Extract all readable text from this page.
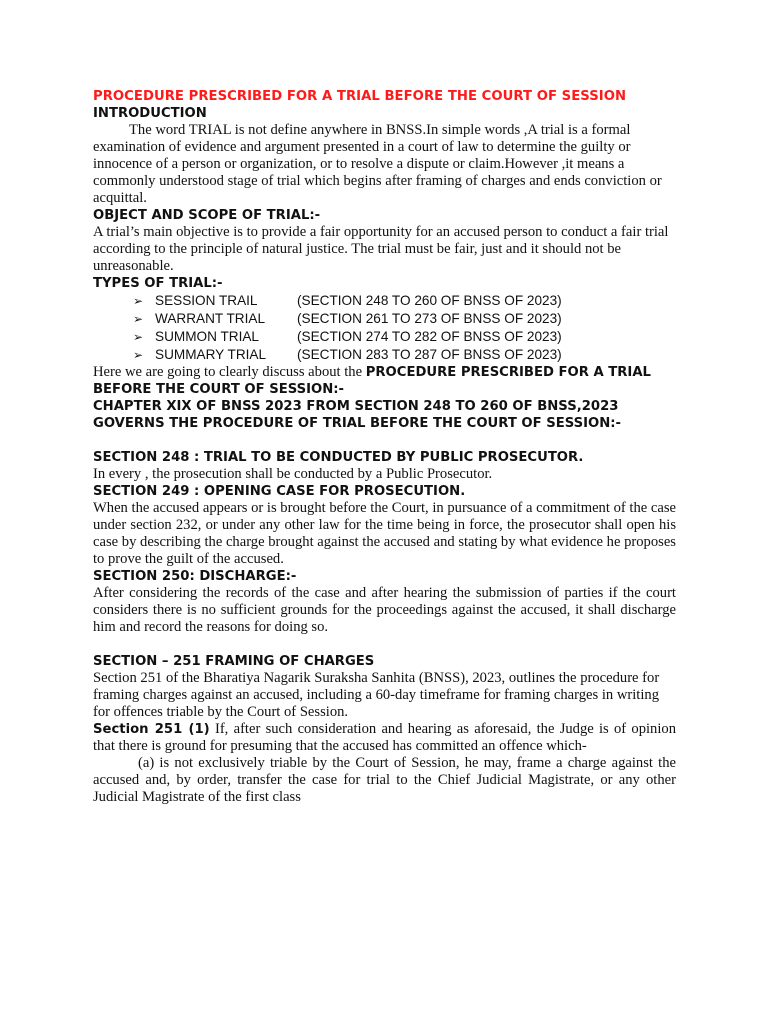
PROCEDURE PRESCRIBED FOR A TRIAL BEFORE THE COURT OF SESSION

INTRODUCTION

The word TRIAL is not define anywhere in BNSS.In simple words ,A trial is a formal examination of evidence and argument presented in a court of law to determine the guilty or innocence of a person or organization, or to resolve a dispute or claim.However ,it means a commonly understood stage of trial which begins after framing of charges and ends conviction or acquittal.

OBJECT AND SCOPE OF TRIAL:-

A trial’s main objective is to provide a fair opportunity for an accused person to conduct a fair trial according to the principle of natural justice. The trial must be fair, just and it should not be unreasonable.

TYPES OF TRIAL:-

➢ SESSION TRAIL	(SECTION 248 TO 260 OF BNSS OF 2023)
➢ WARRANT TRIAL	(SECTION 261 TO 273 OF BNSS OF 2023)
➢ SUMMON TRIAL	(SECTION 274 TO 282 OF BNSS OF 2023)
➢ SUMMARY TRIAL	(SECTION 283 TO 287 OF BNSS OF 2023)

Here we are going to clearly discuss about the PROCEDURE PRESCRIBED FOR A TRIAL BEFORE THE COURT OF SESSION:-

CHAPTER XIX OF BNSS 2023 FROM SECTION 248 TO 260 OF BNSS,2023 GOVERNS THE PROCEDURE OF TRIAL BEFORE THE COURT OF SESSION:-

SECTION 248 : TRIAL TO BE CONDUCTED BY PUBLIC PROSECUTOR.

In every , the prosecution shall be conducted by a Public Prosecutor.

SECTION 249 : OPENING CASE FOR PROSECUTION.

When the accused appears or is brought before the Court, in pursuance of a commitment of the case under section 232, or under any other law for the time being in force, the prosecutor shall open his case by describing the charge brought against the accused and stating by what evidence he proposes to prove the guilt of the accused.

SECTION 250: DISCHARGE:-

After considering the records of the case and after hearing the submission of parties if the court considers there is no sufficient grounds for the proceedings against the accused, it shall discharge him and record the reasons for doing so.

SECTION – 251 FRAMING OF CHARGES

Section 251 of the Bharatiya Nagarik Suraksha Sanhita (BNSS), 2023, outlines the procedure for framing charges against an accused, including a 60-day timeframe for framing charges in writing for offences triable by the Court of Session.

Section 251 (1) If, after such consideration and hearing as aforesaid, the Judge is of opinion that there is ground for presuming that the accused has committed an offence which-

(a) is not exclusively triable by the Court of Session, he may, frame a charge against the accused and, by order, transfer the case for trial to the Chief Judicial Magistrate, or any other Judicial Magistrate of the first class
